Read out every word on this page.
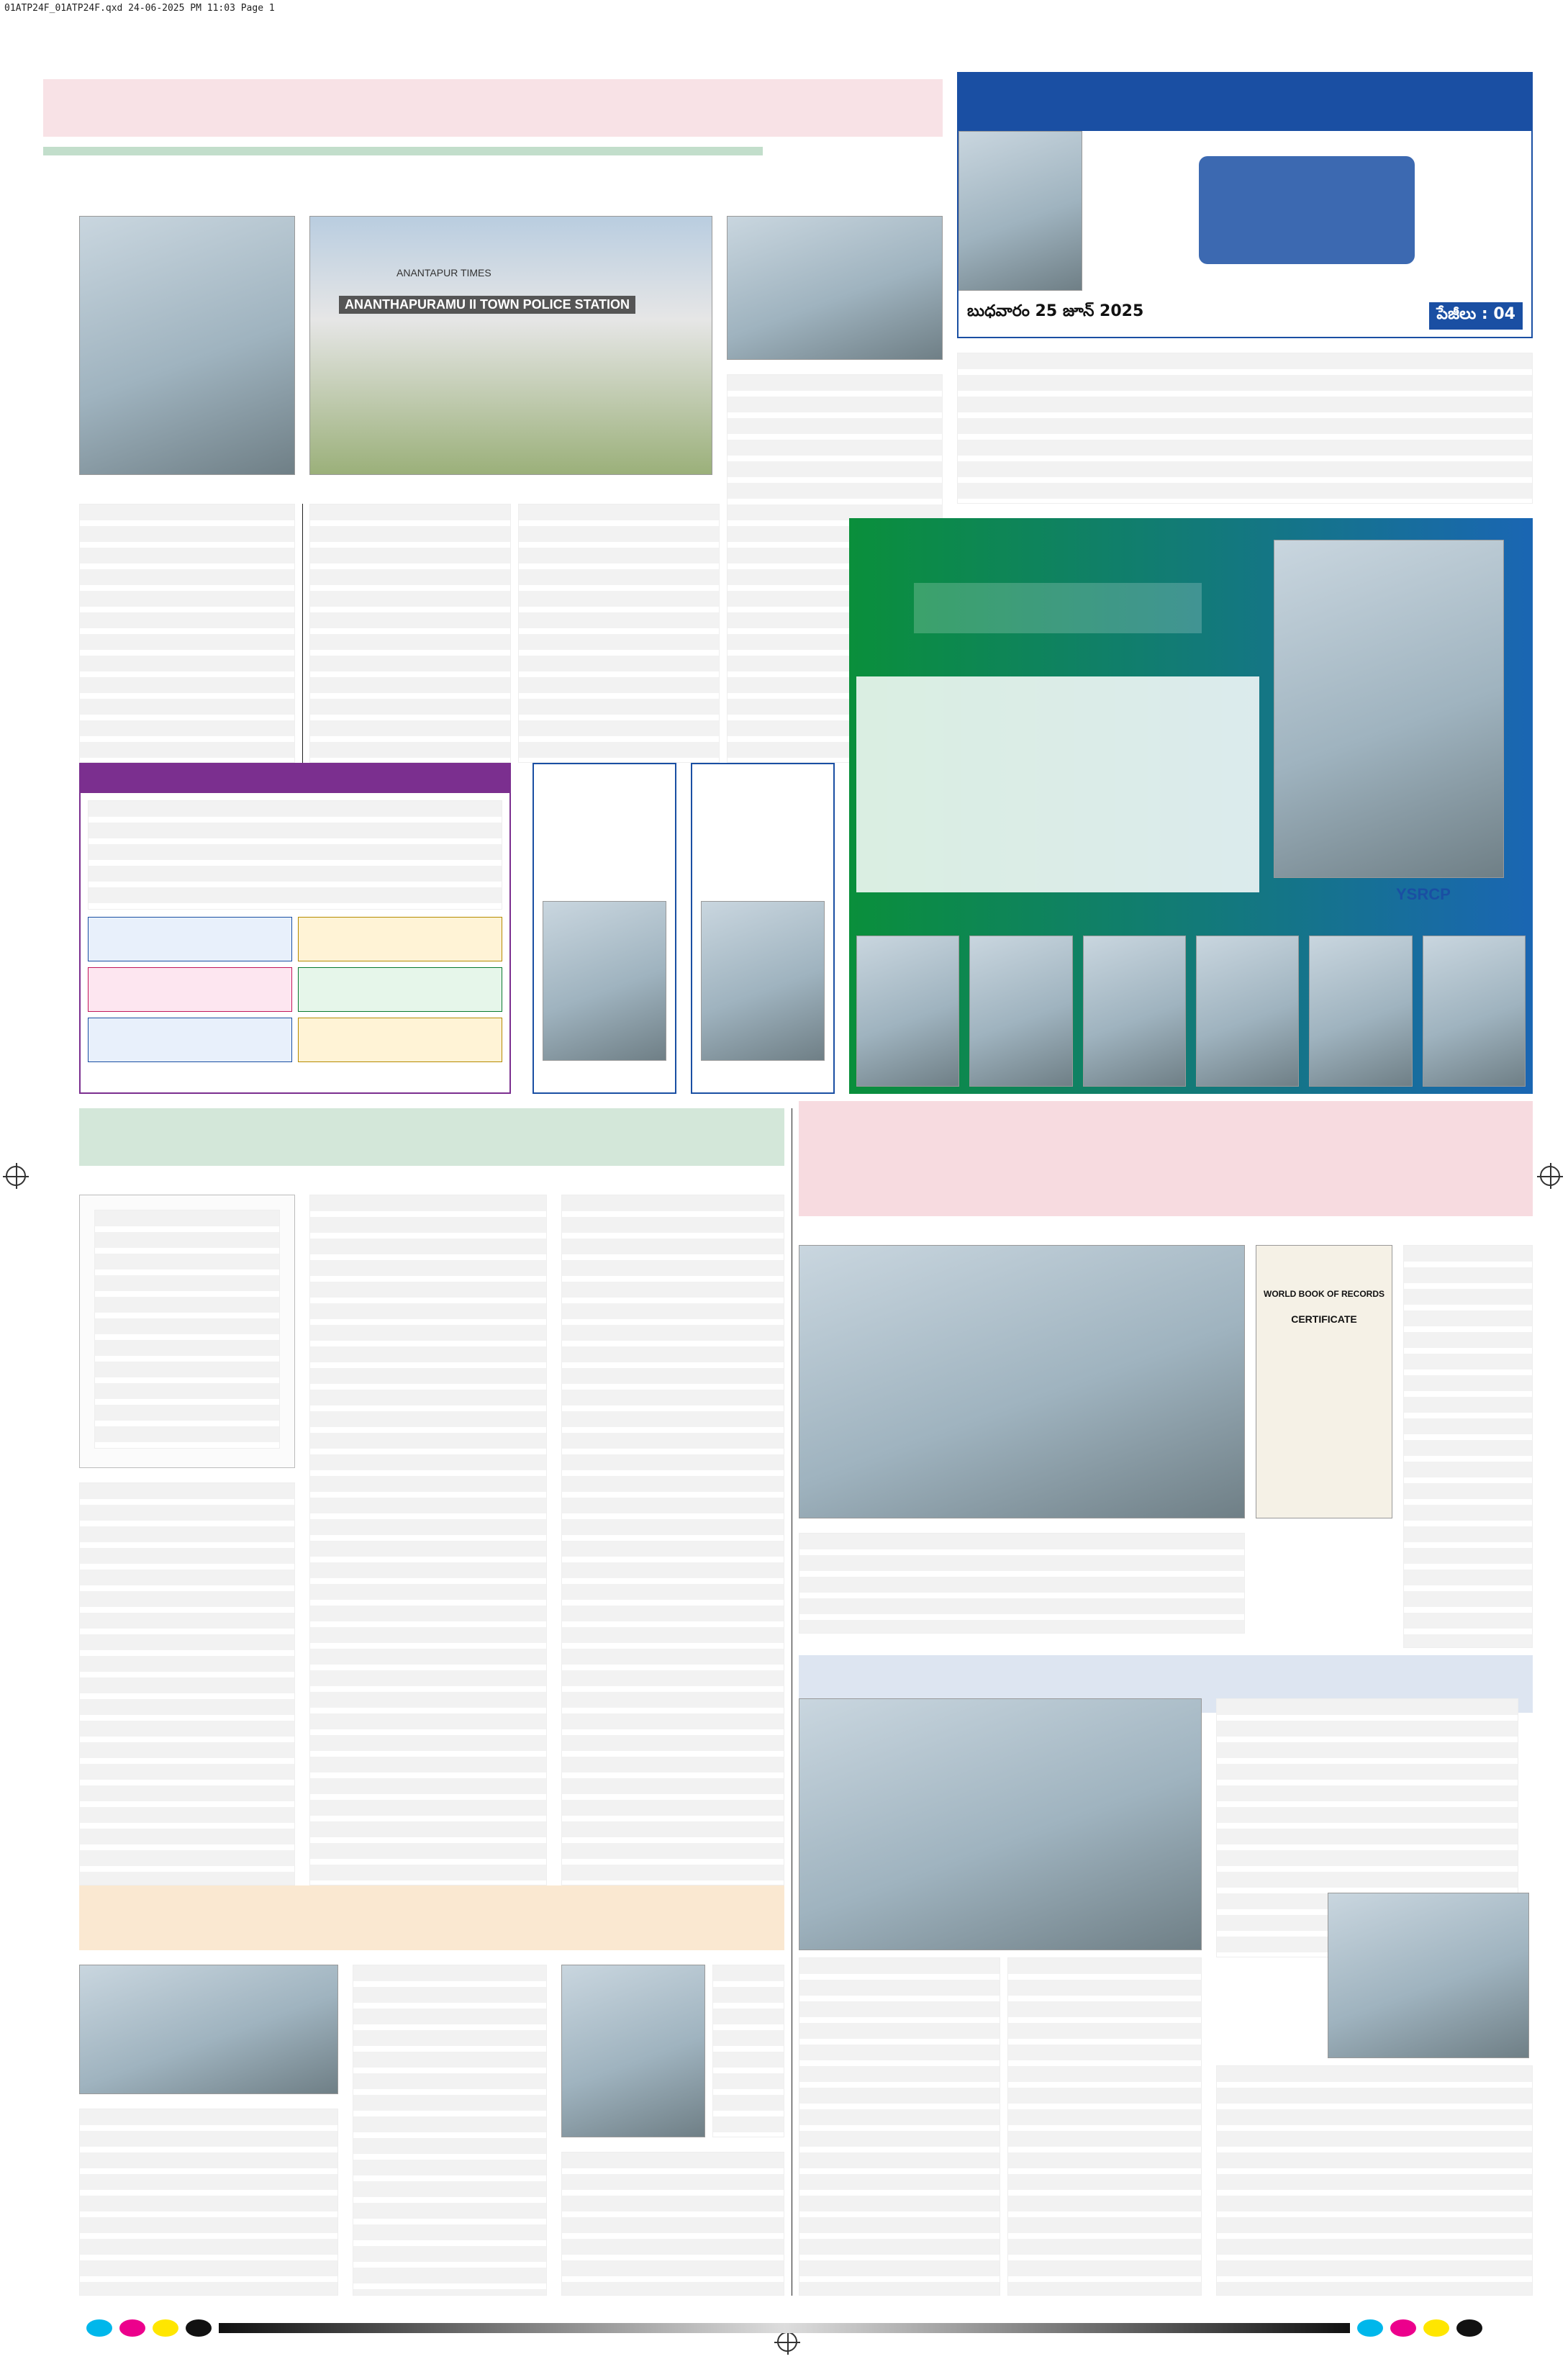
01ATP24F_01ATP24F.qxd 24-06-2025 PM 11:03 Page 1
బుధవారం 25 జూన్ 2025	పేజీలు : 04
ANANTAPUR TIMES
ANANTHAPURAMU II TOWN POLICE STATION
YSRCP
WORLD BOOK OF RECORDS
CERTIFICATE
